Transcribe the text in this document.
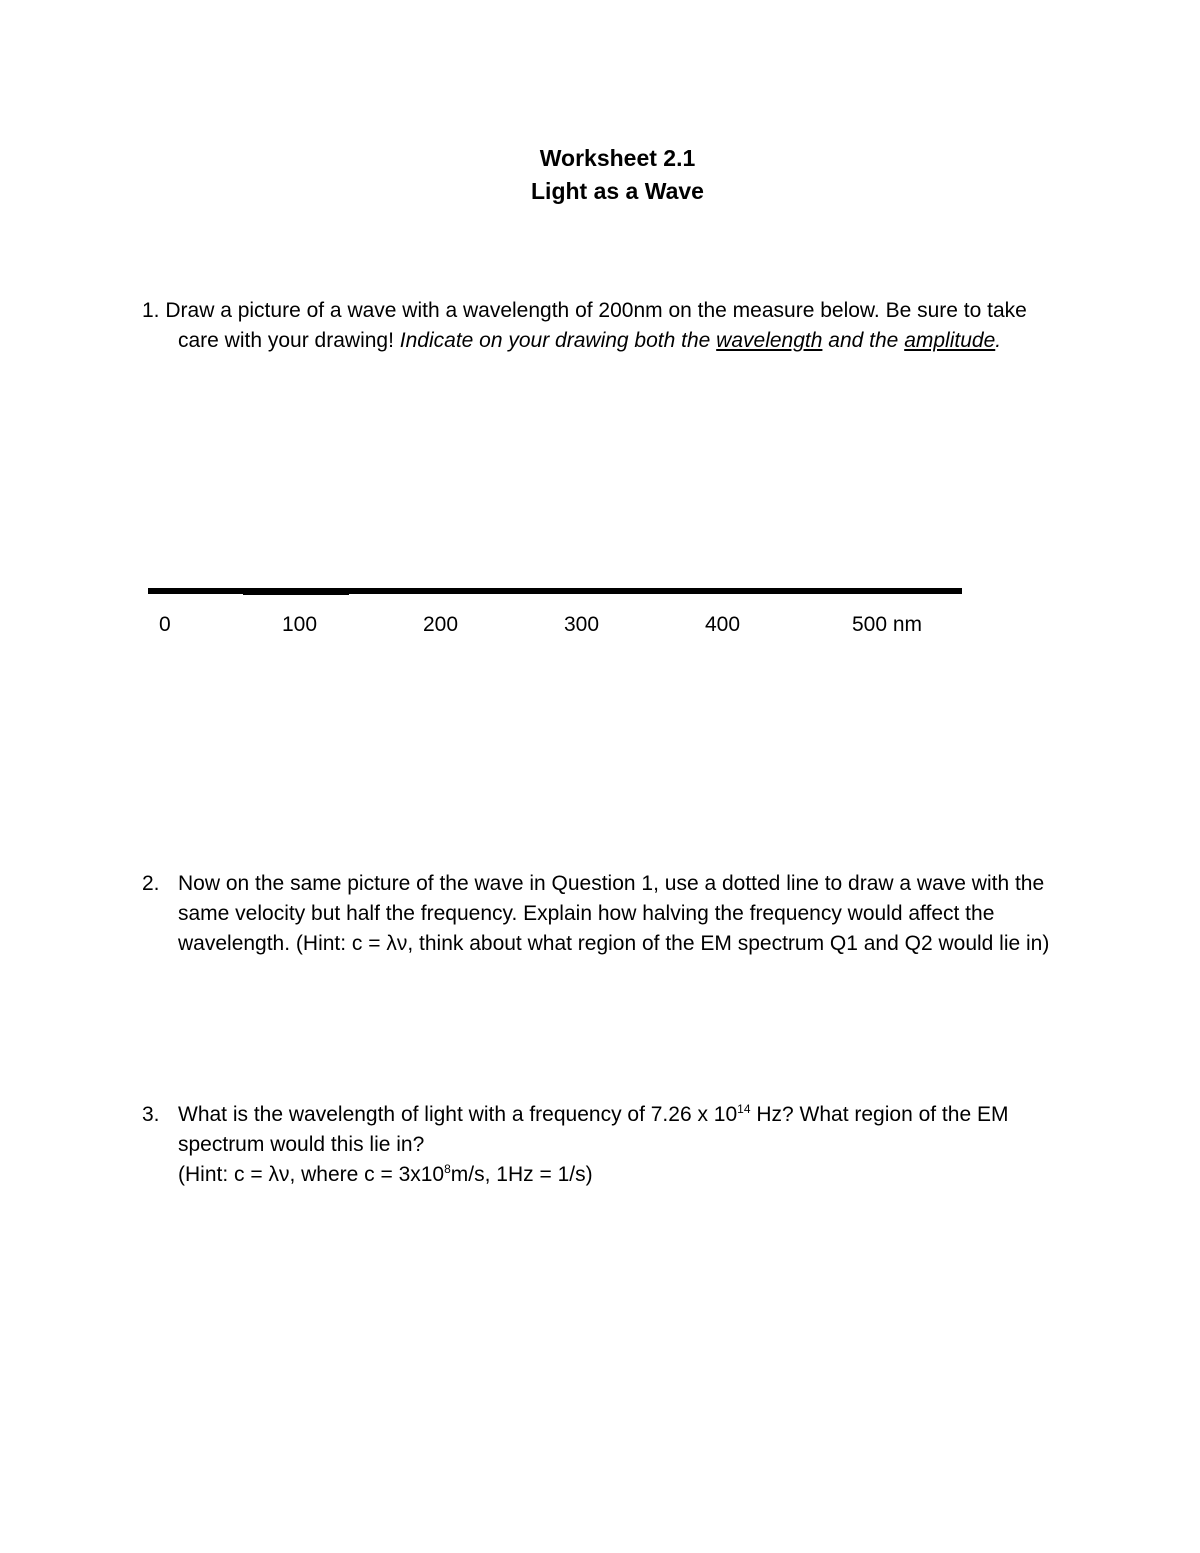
Worksheet 2.1
Light as a Wave
1. Draw a picture of a wave with a wavelength of 200nm on the measure below. Be sure to take
care with your drawing! Indicate on your drawing both the wavelength and the amplitude.
0	100	200	300	400	500 nm
2. Now on the same picture of the wave in Question 1, use a dotted line to draw a wave with the
same velocity but half the frequency. Explain how halving the frequency would affect the
wavelength. (Hint: c = λν, think about what region of the EM spectrum Q1 and Q2 would lie in)
3. What is the wavelength of light with a frequency of 7.26 x $10^{14}$ Hz? What region of the EM
spectrum would this lie in?
(Hint: c = λν, where $c = 3x10^8m/s$, 1Hz = 1/s)
